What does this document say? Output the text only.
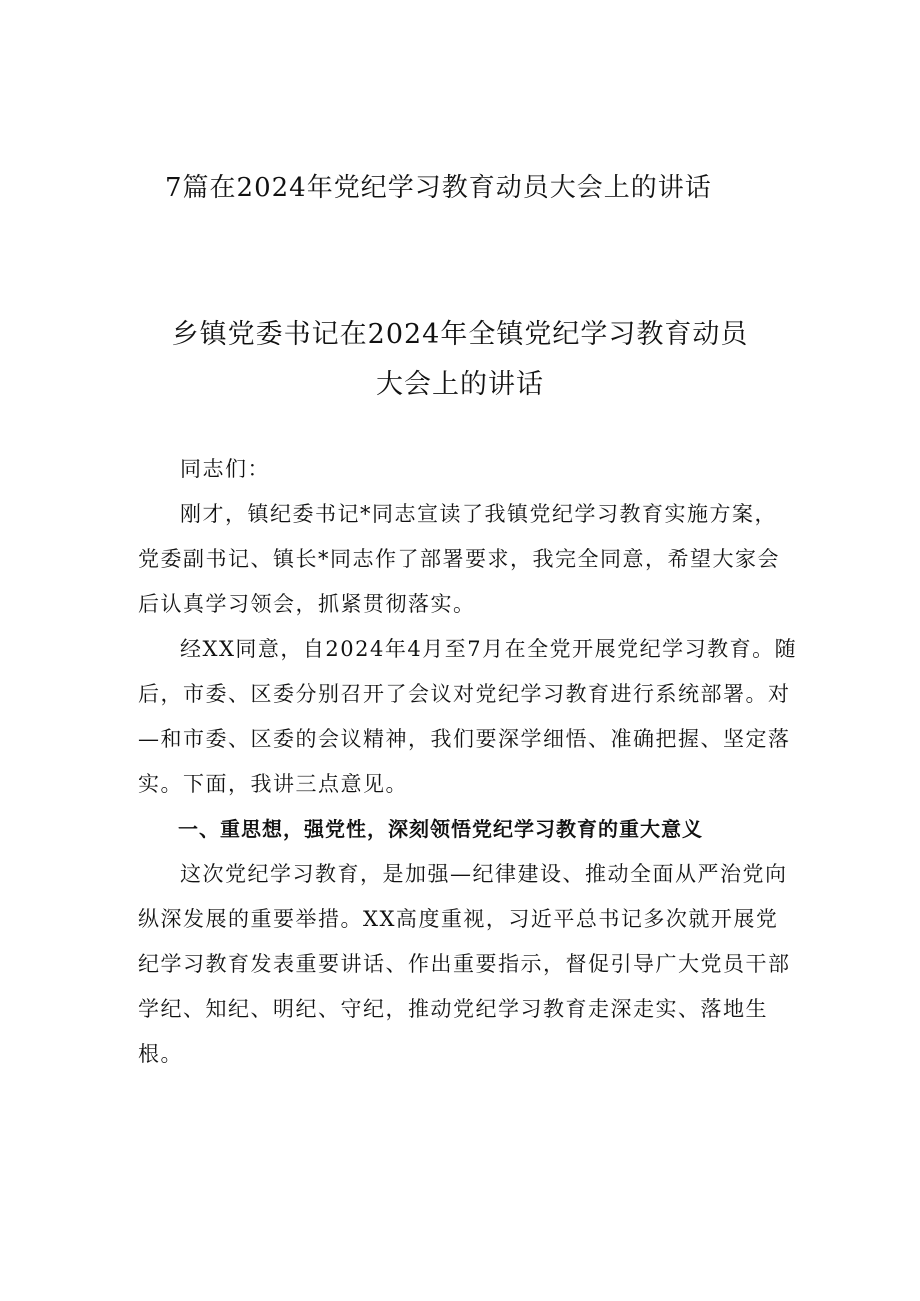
7篇在2024年党纪学习教育动员大会上的讲话
乡镇党委书记在2024年全镇党纪学习教育动员
大会上的讲话

同志们：

刚才，镇纪委书记*同志宣读了我镇党纪学习教育实施方案，党委副书记、镇长*同志作了部署要求，我完全同意，希望大家会后认真学习领会，抓紧贯彻落实。

经XX同意，自2024年4月至7月在全党开展党纪学习教育。随后，市委、区委分别召开了会议对党纪学习教育进行系统部署。对—和市委、区委的会议精神，我们要深学细悟、准确把握、坚定落实。下面，我讲三点意见。

一、重思想，强党性，深刻领悟党纪学习教育的重大意义

这次党纪学习教育，是加强—纪律建设、推动全面从严治党向纵深发展的重要举措。XX高度重视，习近平总书记多次就开展党纪学习教育发表重要讲话、作出重要指示，督促引导广大党员干部学纪、知纪、明纪、守纪，推动党纪学习教育走深走实、落地生根。
